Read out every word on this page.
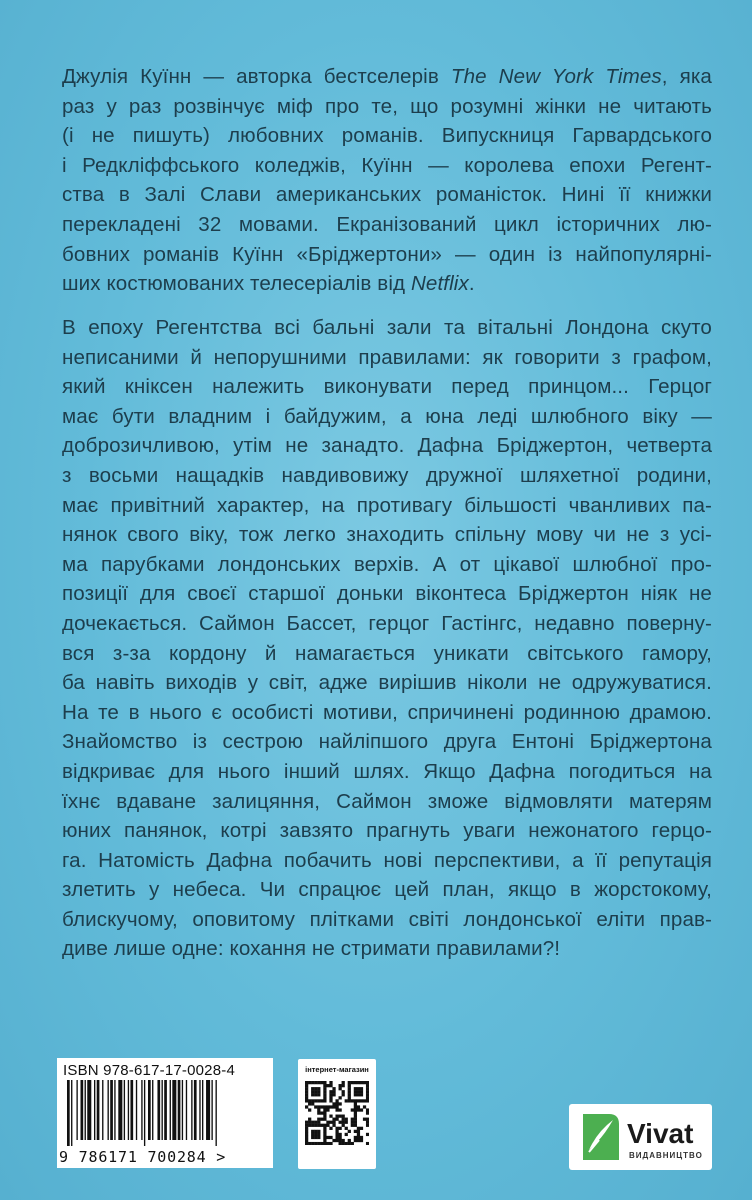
Джулія Куїнн — авторка бестселерів The New York Times, яка
раз у раз розвінчує міф про те, що розумні жінки не читають
(і не пишуть) любовних романів. Випускниця Гарвардського
і Редкліффського коледжів, Куїнн — королева епохи Регент-
ства в Залі Слави американських романісток. Нині її книжки
перекладені 32 мовами. Екранізований цикл історичних лю-
бовних романів Куїнн «Бріджертони» — один із найпопулярні-
ших костюмованих телесеріалів від Netflix.
В епоху Регентства всі бальні зали та вітальні Лондона скуто
неписаними й непорушними правилами: як говорити з графом,
який кніксен належить виконувати перед принцом... Герцог
має бути владним і байдужим, а юна леді шлюбного віку —
доброзичливою, утім не занадто. Дафна Бріджертон, четверта
з восьми нащадків навдивовижу дружної шляхетної родини,
має привітний характер, на противагу більшості чванливих па-
нянок свого віку, тож легко знаходить спільну мову чи не з усі-
ма парубками лондонських верхів. А от цікавої шлюбної про-
позиції для своєї старшої доньки віконтеса Бріджертон ніяк не
дочекається. Саймон Бассет, герцог Гастінгс, недавно поверну-
вся з-за кордону й намагається уникати світського гамору,
ба навіть виходів у світ, адже вирішив ніколи не одружуватися.
На те в нього є особисті мотиви, спричинені родинною драмою.
Знайомство із сестрою найліпшого друга Ентоні Бріджертона
відкриває для нього інший шлях. Якщо Дафна погодиться на
їхнє вдаване залицяння, Саймон зможе відмовляти матерям
юних панянок, котрі завзято прагнуть уваги нежонатого герцо-
га. Натомість Дафна побачить нові перспективи, а її репутація
злетить у небеса. Чи спрацює цей план, якщо в жорстокому,
блискучому, оповитому плітками світі лондонської еліти прав-
диве лише одне: кохання не стримати правилами?!
ISBN 978-617-17-0028-4
9 786171 700284 >
інтернет-магазин
Vivat
ВИДАВНИЦТВО
